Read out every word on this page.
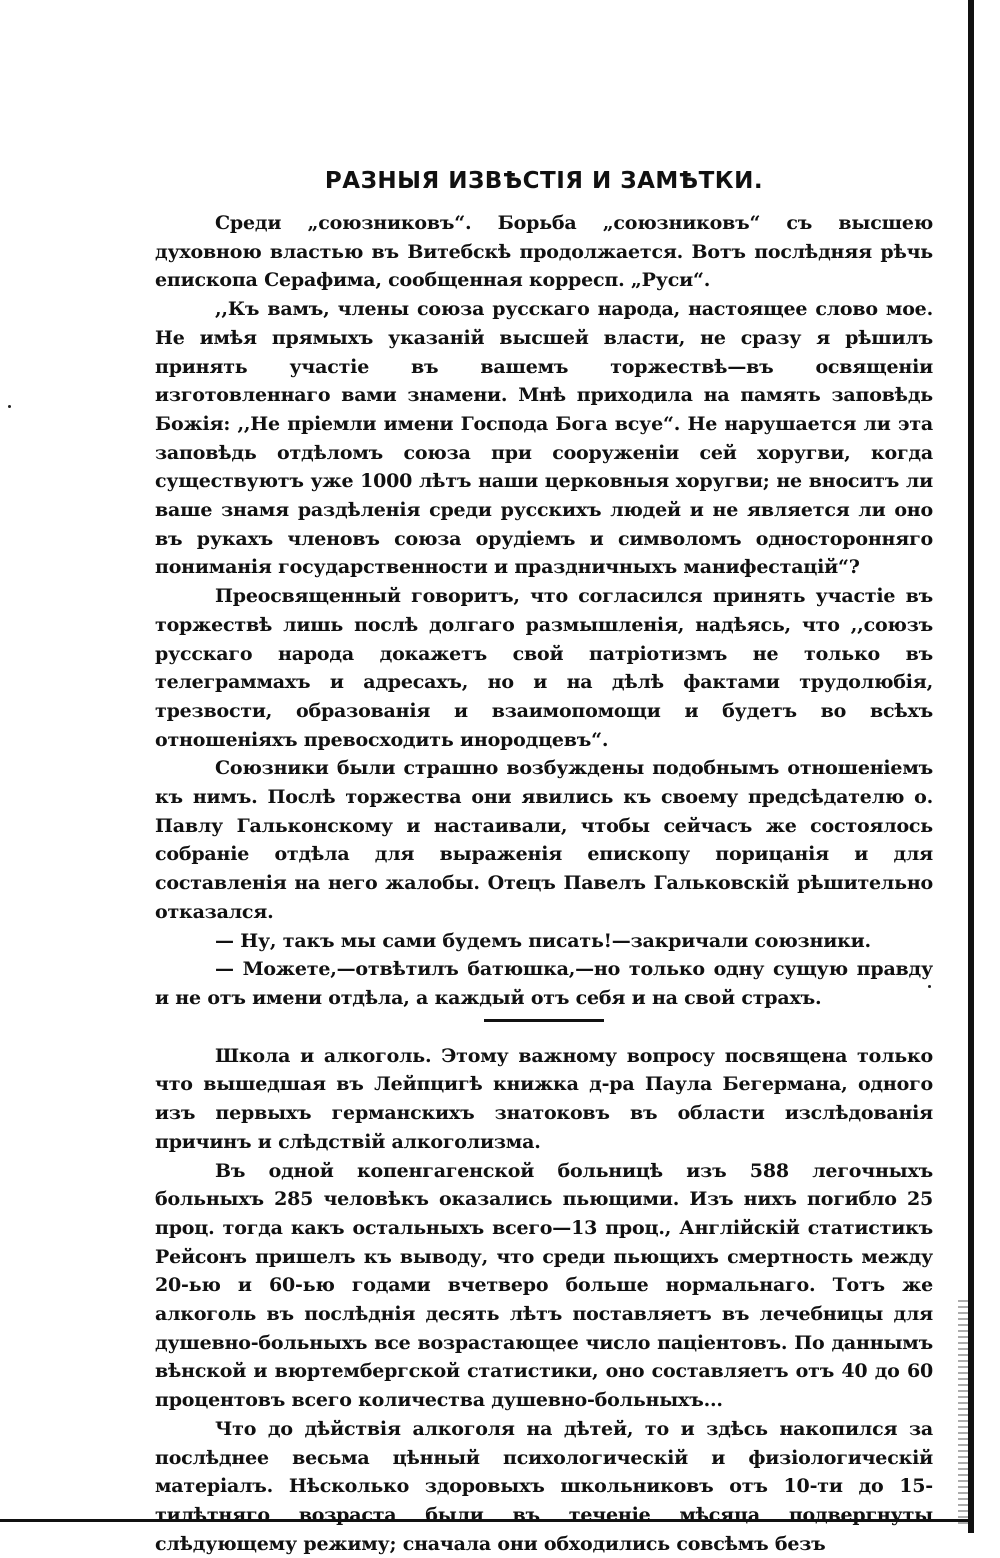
РАЗНЫЯ ИЗВѢСТІЯ И ЗАМѢТКИ.

Среди „союзниковъ“. Борьба „союзниковъ“ съ высшею духовною властью въ Витебскѣ продолжается. Вотъ послѣдняя рѣчь епископа Серафима, сообщенная корресп. „Руси“.

,,Къ вамъ, члены союза русскаго народа, настоящее слово мое. Не имѣя прямыхъ указаній высшей власти, не сразу я рѣшилъ принять участіе въ вашемъ торжествѣ—въ освященіи изготовленнаго вами знамени. Мнѣ приходила на память заповѣдь Божія: ,,Не пріемли имени Господа Бога всуе“. Не нарушается ли эта заповѣдь отдѣломъ союза при сооруженіи сей хоругви, когда существуютъ уже 1000 лѣтъ наши церковныя хоругви; не вноситъ ли ваше знамя раздѣленія среди русскихъ людей и не является ли оно въ рукахъ членовъ союза орудіемъ и символомъ односторонняго пониманія государственности и праздничныхъ манифестацій“?

Преосвященный говоритъ, что согласился принять участіе въ торжествѣ лишь послѣ долгаго размышленія, надѣясь, что ,,союзъ русскаго народа докажетъ свой патріотизмъ не только въ телеграммахъ и адресахъ, но и на дѣлѣ фактами трудолюбія, трезвости, образованія и взаимопомощи и будетъ во всѣхъ отношеніяхъ превосходить инородцевъ“.

Союзники были страшно возбуждены подобнымъ отношеніемъ къ нимъ. Послѣ торжества они явились къ своему предсѣдателю о. Павлу Гальконскому и настаивали, чтобы сейчасъ же состоялось собраніе отдѣла для выраженія епископу порицанія и для составленія на него жалобы. Отецъ Павелъ Гальковскій рѣшительно отказался.

— Ну, такъ мы сами будемъ писать!—закричали союзники.

— Можете,—отвѣтилъ батюшка,—но только одну сущую правду и не отъ имени отдѣла, а каждый отъ себя и на свой страхъ.

Школа и алкоголь. Этому важному вопросу посвящена только что вышедшая въ Лейпцигѣ книжка д-ра Паула Бегермана, одного изъ первыхъ германскихъ знатоковъ въ области изслѣдованія причинъ и слѣдствій алкоголизма.

Въ одной копенгагенской больницѣ изъ 588 легочныхъ больныхъ 285 человѣкъ оказались пьющими. Изъ нихъ погибло 25 проц. тогда какъ остальныхъ всего—13 проц., Англійскій статистикъ Рейсонъ пришелъ къ выводу, что среди пьющихъ смертность между 20-ью и 60-ью годами вчетверо больше нормальнаго. Тотъ же алкоголь въ послѣднія десять лѣтъ поставляетъ въ лечебницы для душевно-больныхъ все возрастающее число паціентовъ. По даннымъ вѣнской и вюртембергской статистики, оно составляетъ отъ 40 до 60 процентовъ всего количества душевно-больныхъ...

Что до дѣйствія алкоголя на дѣтей, то и здѣсь накопился за послѣднее весьма цѣнный психологическій и физіологическій матеріалъ. Нѣсколько здоровыхъ школьниковъ отъ 10-ти до 15-тилѣтняго возраста были въ теченіе мѣсяца подвергнуты слѣдующему режиму; сначала они обходились совсѣмъ безъ
